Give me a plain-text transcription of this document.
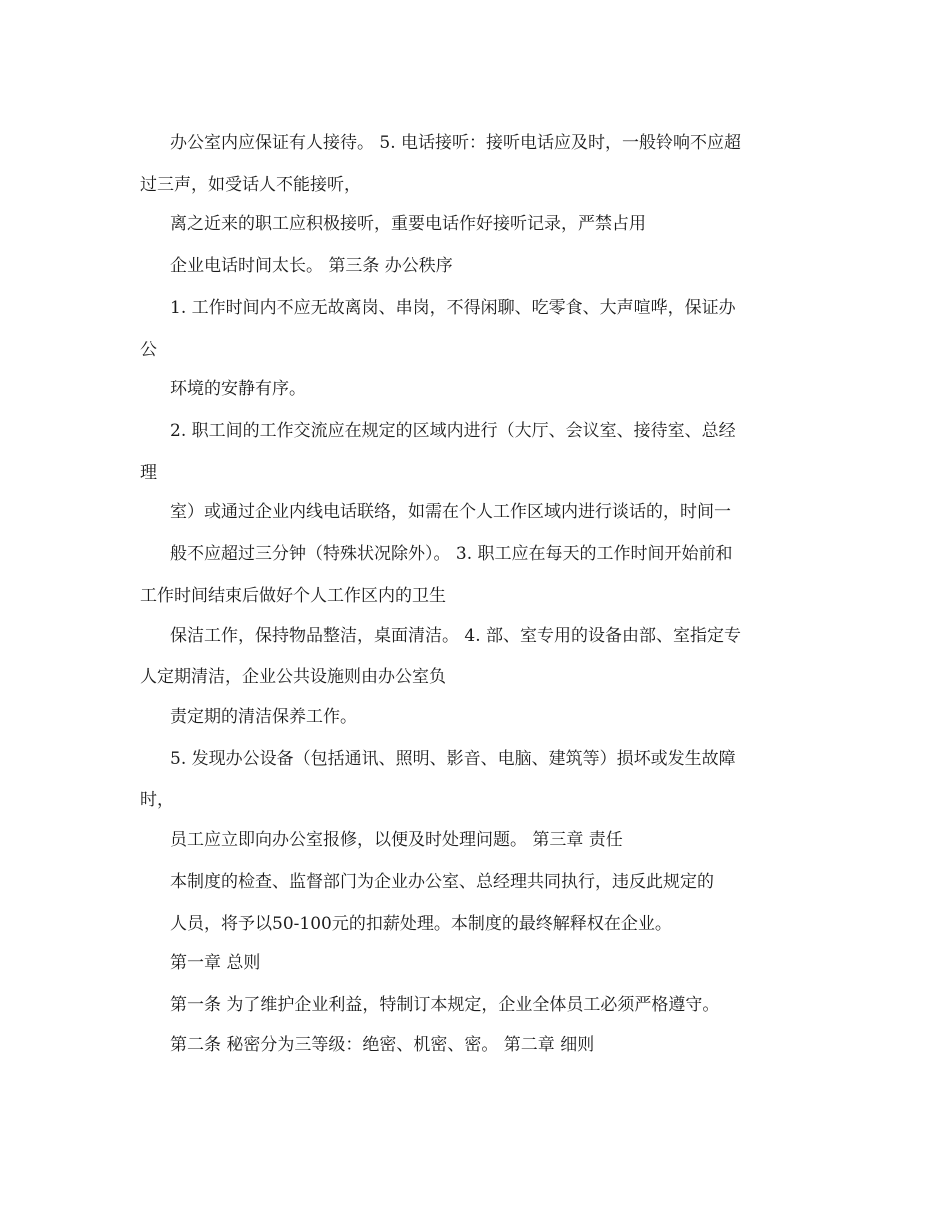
办公室内应保证有人接待。 5. 电话接听：接听电话应及时，一般铃响不应超
过三声，如受话人不能接听，
离之近来的职工应积极接听，重要电话作好接听记录，严禁占用
企业电话时间太长。 第三条 办公秩序
1. 工作时间内不应无故离岗、串岗，不得闲聊、吃零食、大声喧哗，保证办
公
环境的安静有序。
2. 职工间的工作交流应在规定的区域内进行（大厅、会议室、接待室、总经
理
室）或通过企业内线电话联络，如需在个人工作区域内进行谈话的，时间一
般不应超过三分钟（特殊状况除外）。 3. 职工应在每天的工作时间开始前和
工作时间结束后做好个人工作区内的卫生
保洁工作，保持物品整洁，桌面清洁。 4. 部、室专用的设备由部、室指定专
人定期清洁，企业公共设施则由办公室负
责定期的清洁保养工作。
5. 发现办公设备（包括通讯、照明、影音、电脑、建筑等）损坏或发生故障
时，
员工应立即向办公室报修，以便及时处理问题。 第三章 责任
本制度的检查、监督部门为企业办公室、总经理共同执行，违反此规定的
人员，将予以50-100元的扣薪处理。本制度的最终解释权在企业。
第一章 总则
第一条 为了维护企业利益，特制订本规定，企业全体员工必须严格遵守。
第二条 秘密分为三等级：绝密、机密、密。 第二章 细则
